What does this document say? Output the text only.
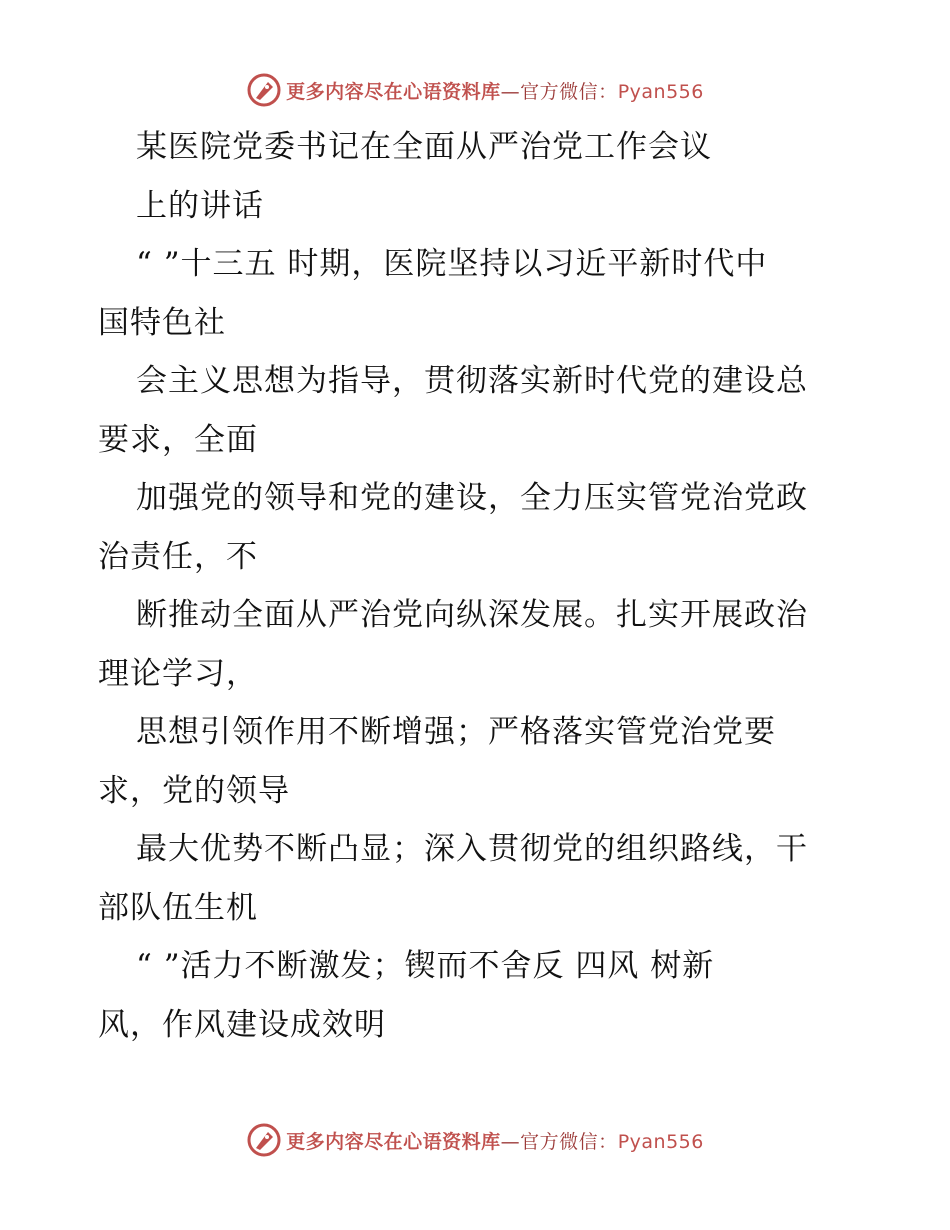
更多内容尽在心语资料库—官方微信：Pyan556
某医院党委书记在全面从严治党工作会议
上的讲话
“ ”十三五 时期，医院坚持以习近平新时代中
国特色社
会主义思想为指导，贯彻落实新时代党的建设总
要求，全面
加强党的领导和党的建设，全力压实管党治党政
治责任，不
断推动全面从严治党向纵深发展。扎实开展政治
理论学习，
思想引领作用不断增强；严格落实管党治党要
求，党的领导
最大优势不断凸显；深入贯彻党的组织路线，干
部队伍生机
“ ”活力不断激发；锲而不舍反 四风 树新
风，作风建设成效明
更多内容尽在心语资料库—官方微信：Pyan556
